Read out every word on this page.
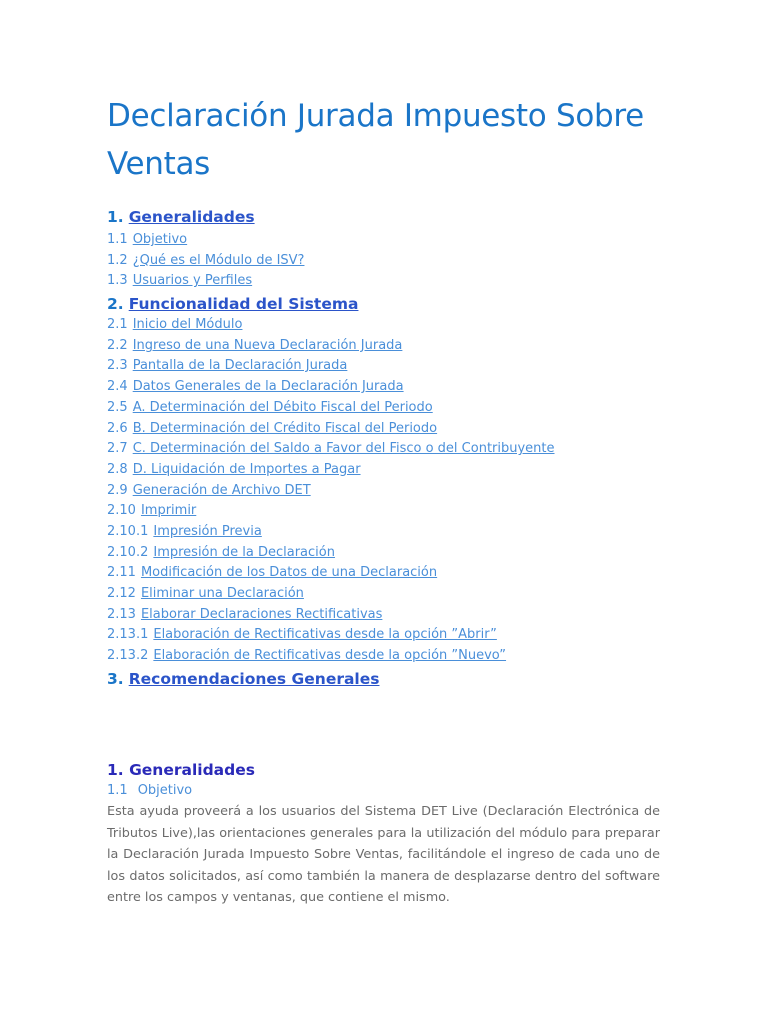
Declaración Jurada Impuesto Sobre Ventas
1. Generalidades
1.1 Objetivo
1.2 ¿Qué es el Módulo de ISV?
1.3 Usuarios y Perfiles
2. Funcionalidad del Sistema
2.1 Inicio del Módulo
2.2 Ingreso de una Nueva Declaración Jurada
2.3 Pantalla de la Declaración Jurada
2.4 Datos Generales de la Declaración Jurada
2.5 A. Determinación del Débito Fiscal del Periodo
2.6 B. Determinación del Crédito Fiscal del Periodo
2.7 C. Determinación del Saldo a Favor del Fisco o del Contribuyente
2.8 D. Liquidación de Importes a Pagar
2.9 Generación de Archivo DET
2.10 Imprimir
2.10.1 Impresión Previa
2.10.2 Impresión de la Declaración
2.11 Modificación de los Datos de una Declaración
2.12 Eliminar una Declaración
2.13 Elaborar Declaraciones Rectificativas
2.13.1 Elaboración de Rectificativas desde la opción ”Abrir”
2.13.2 Elaboración de Rectificativas desde la opción ”Nuevo”
3. Recomendaciones Generales
1. Generalidades
1.1 Objetivo

Esta ayuda proveerá a los usuarios del Sistema DET Live (Declaración Electrónica de Tributos Live),las orientaciones generales para la utilización del módulo para preparar la Declaración Jurada Impuesto Sobre Ventas, facilitándole el ingreso de cada uno de los datos solicitados, así como también la manera de desplazarse dentro del software entre los campos y ventanas, que contiene el mismo.
